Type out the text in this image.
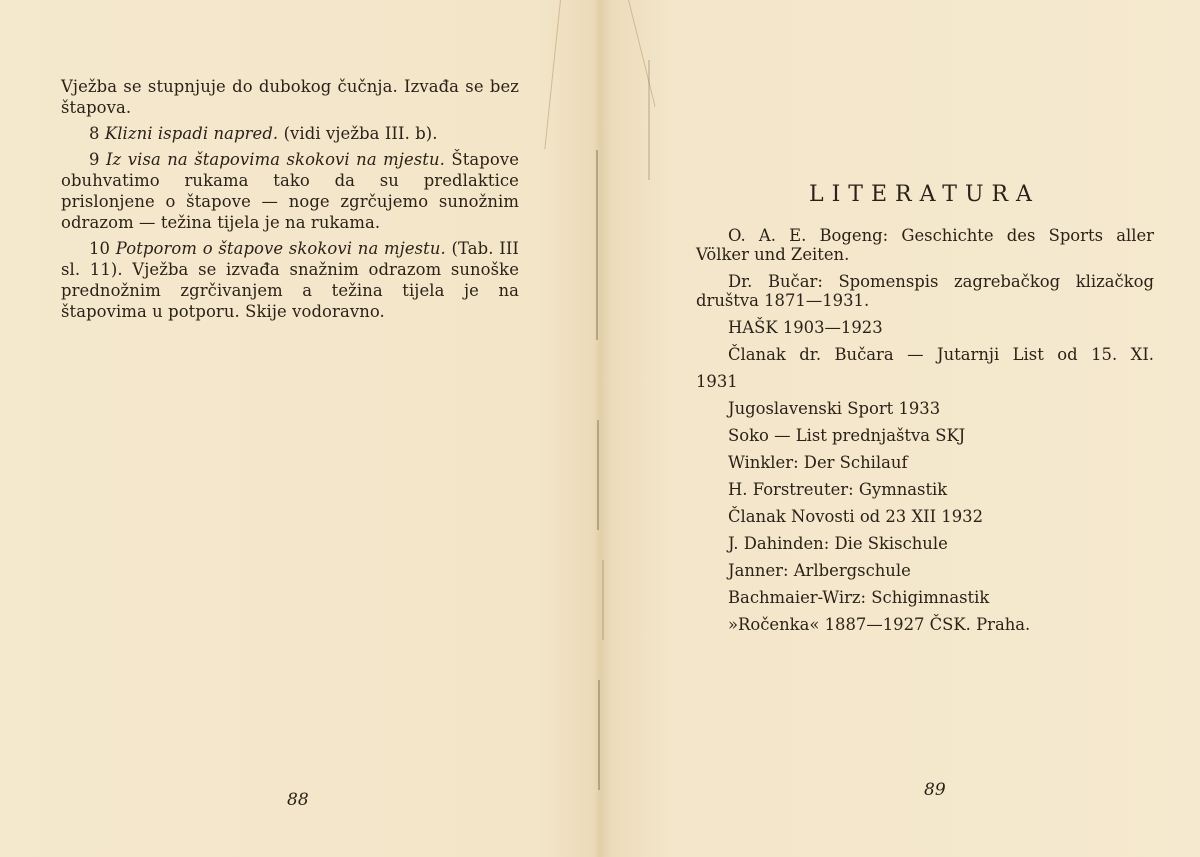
Vježba se stupnjuje do dubokog čučnja. Izvađa se bez štapova.

8 Klizni ispadi napred. (vidi vježba III. b).

9 Iz visa na štapovima skokovi na mjestu. Štapove obuhvatimo rukama tako da su predlaktice prislonjene o štapove — noge zgrčujemo sunožnim odrazom — težina tijela je na rukama.

10 Potporom o štapove skokovi na mjestu. (Tab. III sl. 11). Vježba se izvađa snažnim odrazom sunoške prednožnim zgrčivanjem a težina tijela je na štapovima u potporu. Skije vodoravno.

88
LITERATURA
O. A. E. Bogeng: Geschichte des Sports aller Völker und Zeiten.
Dr. Bučar: Spomenspis zagrebačkog klizačkog društva 1871—1931.
HAŠK 1903—1923
Članak dr. Bučara — Jutarnji List od 15. XI.
1931
Jugoslavenski Sport 1933
Soko — List prednjaštva SKJ
Winkler: Der Schilauf
H. Forstreuter: Gymnastik
Članak Novosti od 23 XII 1932
J. Dahinden: Die Skischule
Janner: Arlbergschule
Bachmaier-Wirz: Schigimnastik
»Ročenka« 1887—1927 ČSK. Praha.
89
